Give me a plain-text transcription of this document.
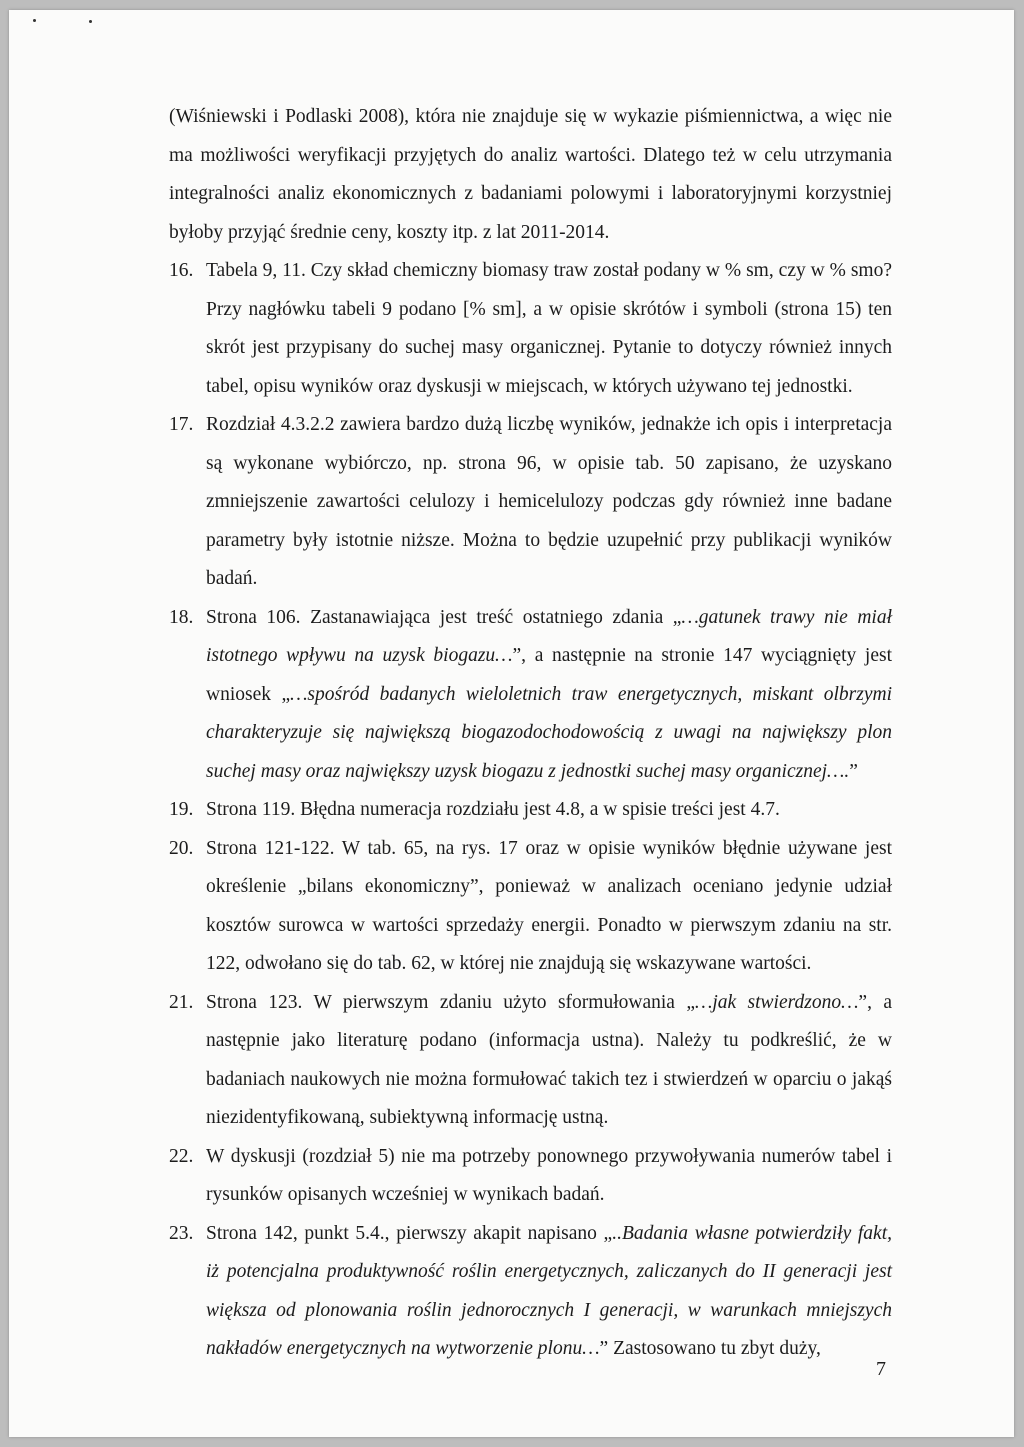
(Wiśniewski i Podlaski 2008), która nie znajduje się w wykazie piśmiennictwa, a więc nie ma możliwości weryfikacji przyjętych do analiz wartości. Dlatego też w celu utrzymania integralności analiz ekonomicznych z badaniami polowymi i laboratoryjnymi korzystniej byłoby przyjąć średnie ceny, koszty itp. z lat 2011-2014.

16. Tabela 9, 11. Czy skład chemiczny biomasy traw został podany w % sm, czy w % smo? Przy nagłówku tabeli 9 podano [% sm], a w opisie skrótów i symboli (strona 15) ten skrót jest przypisany do suchej masy organicznej. Pytanie to dotyczy również innych tabel, opisu wyników oraz dyskusji w miejscach, w których używano tej jednostki.
17. Rozdział 4.3.2.2 zawiera bardzo dużą liczbę wyników, jednakże ich opis i interpretacja są wykonane wybiórczo, np. strona 96, w opisie tab. 50 zapisano, że uzyskano zmniejszenie zawartości celulozy i hemicelulozy podczas gdy również inne badane parametry były istotnie niższe. Można to będzie uzupełnić przy publikacji wyników badań.
18. Strona 106. Zastanawiająca jest treść ostatniego zdania „…gatunek trawy nie miał istotnego wpływu na uzysk biogazu…”, a następnie na stronie 147 wyciągnięty jest wniosek „…spośród badanych wieloletnich traw energetycznych, miskant olbrzymi charakteryzuje się największą biogazodochodowością z uwagi na największy plon suchej masy oraz największy uzysk biogazu z jednostki suchej masy organicznej….”
19. Strona 119. Błędna numeracja rozdziału jest 4.8, a w spisie treści jest 4.7.
20. Strona 121-122. W tab. 65, na rys. 17 oraz w opisie wyników błędnie używane jest określenie „bilans ekonomiczny”, ponieważ w analizach oceniano jedynie udział kosztów surowca w wartości sprzedaży energii. Ponadto w pierwszym zdaniu na str. 122, odwołano się do tab. 62, w której nie znajdują się wskazywane wartości.
21. Strona 123. W pierwszym zdaniu użyto sformułowania „…jak stwierdzono…”, a następnie jako literaturę podano (informacja ustna). Należy tu podkreślić, że w badaniach naukowych nie można formułować takich tez i stwierdzeń w oparciu o jakąś niezidentyfikowaną, subiektywną informację ustną.
22. W dyskusji (rozdział 5) nie ma potrzeby ponownego przywoływania numerów tabel i rysunków opisanych wcześniej w wynikach badań.
23. Strona 142, punkt 5.4., pierwszy akapit napisano „..Badania własne potwierdziły fakt, iż potencjalna produktywność roślin energetycznych, zaliczanych do II generacji jest większa od plonowania roślin jednorocznych I generacji, w warunkach mniejszych nakładów energetycznych na wytworzenie plonu…” Zastosowano tu zbyt duży,
7
